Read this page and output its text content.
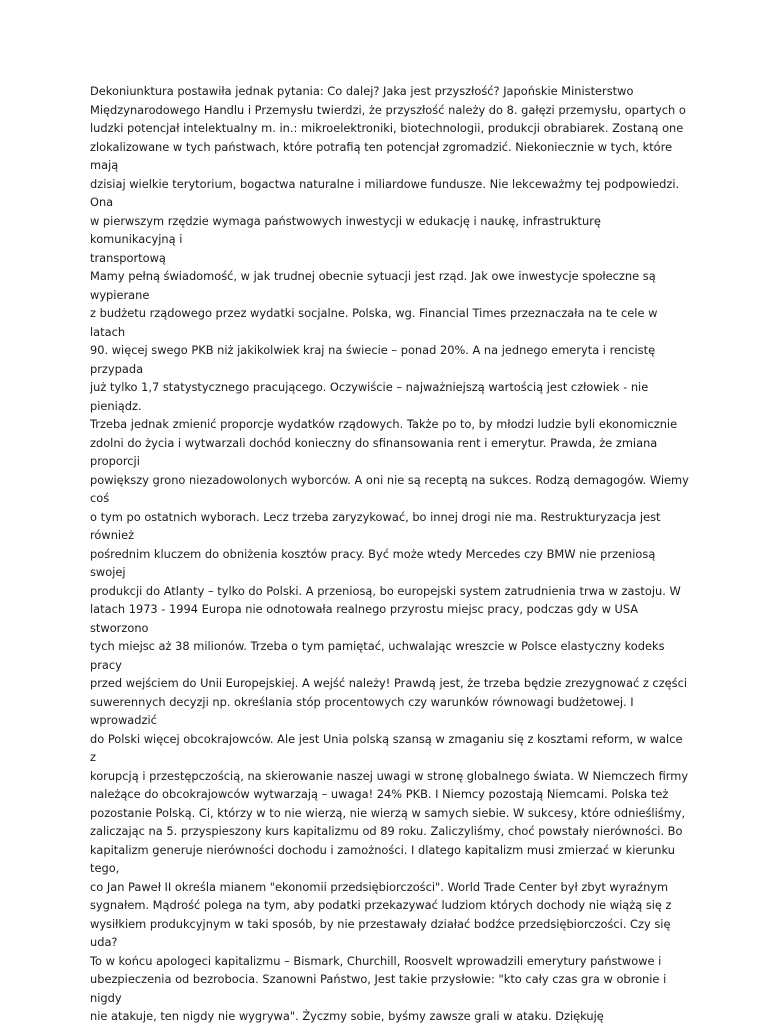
Dekoniunktura postawiła jednak pytania: Co dalej? Jaka jest przyszłość? Japońskie Ministerstwo
Międzynarodowego Handlu i Przemysłu twierdzi, że przyszłość należy do 8. gałęzi przemysłu, opartych o
ludzki potencjał intelektualny m. in.: mikroelektroniki, biotechnologii, produkcji obrabiarek. Zostaną one
zlokalizowane w tych państwach, które potrafią ten potencjał zgromadzić. Niekoniecznie w tych, które mają
dzisiaj wielkie terytorium, bogactwa naturalne i miliardowe fundusze. Nie lekceważmy tej podpowiedzi. Ona
w pierwszym rzędzie wymaga państwowych inwestycji w edukację i naukę, infrastrukturę komunikacyjną i
transportową

Mamy pełną świadomość, w jak trudnej obecnie sytuacji jest rząd. Jak owe inwestycje społeczne są wypierane
z budżetu rządowego przez wydatki socjalne. Polska, wg. Financial Times przeznaczała na te cele w latach
90. więcej swego PKB niż jakikolwiek kraj na świecie – ponad 20%. A na jednego emeryta i rencistę przypada
już tylko 1,7 statystycznego pracującego. Oczywiście – najważniejszą wartością jest człowiek - nie pieniądz.
Trzeba jednak zmienić proporcje wydatków rządowych. Także po to, by młodzi ludzie byli ekonomicznie
zdolni do życia i wytwarzali dochód konieczny do sfinansowania rent i emerytur. Prawda, że zmiana proporcji
powiększy grono niezadowolonych wyborców. A oni nie są receptą na sukces. Rodzą demagogów. Wiemy coś
o tym po ostatnich wyborach. Lecz trzeba zaryzykować, bo innej drogi nie ma. Restrukturyzacja jest również
pośrednim kluczem do obniżenia kosztów pracy. Być może wtedy Mercedes czy BMW nie przeniosą swojej
produkcji do Atlanty – tylko do Polski. A przeniosą, bo europejski system zatrudnienia trwa w zastoju. W
latach 1973 - 1994 Europa nie odnotowała realnego przyrostu miejsc pracy, podczas gdy w USA stworzono
tych miejsc aż 38 milionów. Trzeba o tym pamiętać, uchwalając wreszcie w Polsce elastyczny kodeks pracy
przed wejściem do Unii Europejskiej. A wejść należy! Prawdą jest, że trzeba będzie zrezygnować z części
suwerennych decyzji np. określania stóp procentowych czy warunków równowagi budżetowej. I wprowadzić
do Polski więcej obcokrajowców. Ale jest Unia polską szansą w zmaganiu się z kosztami reform, w walce z
korupcją i przestępczością, na skierowanie naszej uwagi w stronę globalnego świata. W Niemczech firmy
należące do obcokrajowców wytwarzają – uwaga! 24% PKB. I Niemcy pozostają Niemcami. Polska też
pozostanie Polską. Ci, którzy w to nie wierzą, nie wierzą w samych siebie. W sukcesy, które odnieśliśmy,
zaliczając na 5. przyspieszony kurs kapitalizmu od 89 roku. Zaliczyliśmy, choć powstały nierówności. Bo
kapitalizm generuje nierówności dochodu i zamożności. I dlatego kapitalizm musi zmierzać w kierunku tego,
co Jan Paweł II określa mianem "ekonomii przedsiębiorczości". World Trade Center był zbyt wyraźnym
sygnałem. Mądrość polega na tym, aby podatki przekazywać ludziom których dochody nie wiążą się z
wysiłkiem produkcyjnym w taki sposób, by nie przestawały działać bodźce przedsiębiorczości. Czy się uda?
To w końcu apologeci kapitalizmu – Bismark, Churchill, Roosvelt wprowadzili emerytury państwowe i
ubezpieczenia od bezrobocia. Szanowni Państwo, Jest takie przysłowie: "kto cały czas gra w obronie i nigdy
nie atakuje, ten nigdy nie wygrywa". Życzmy sobie, byśmy zawsze grali w ataku. Dziękuję
